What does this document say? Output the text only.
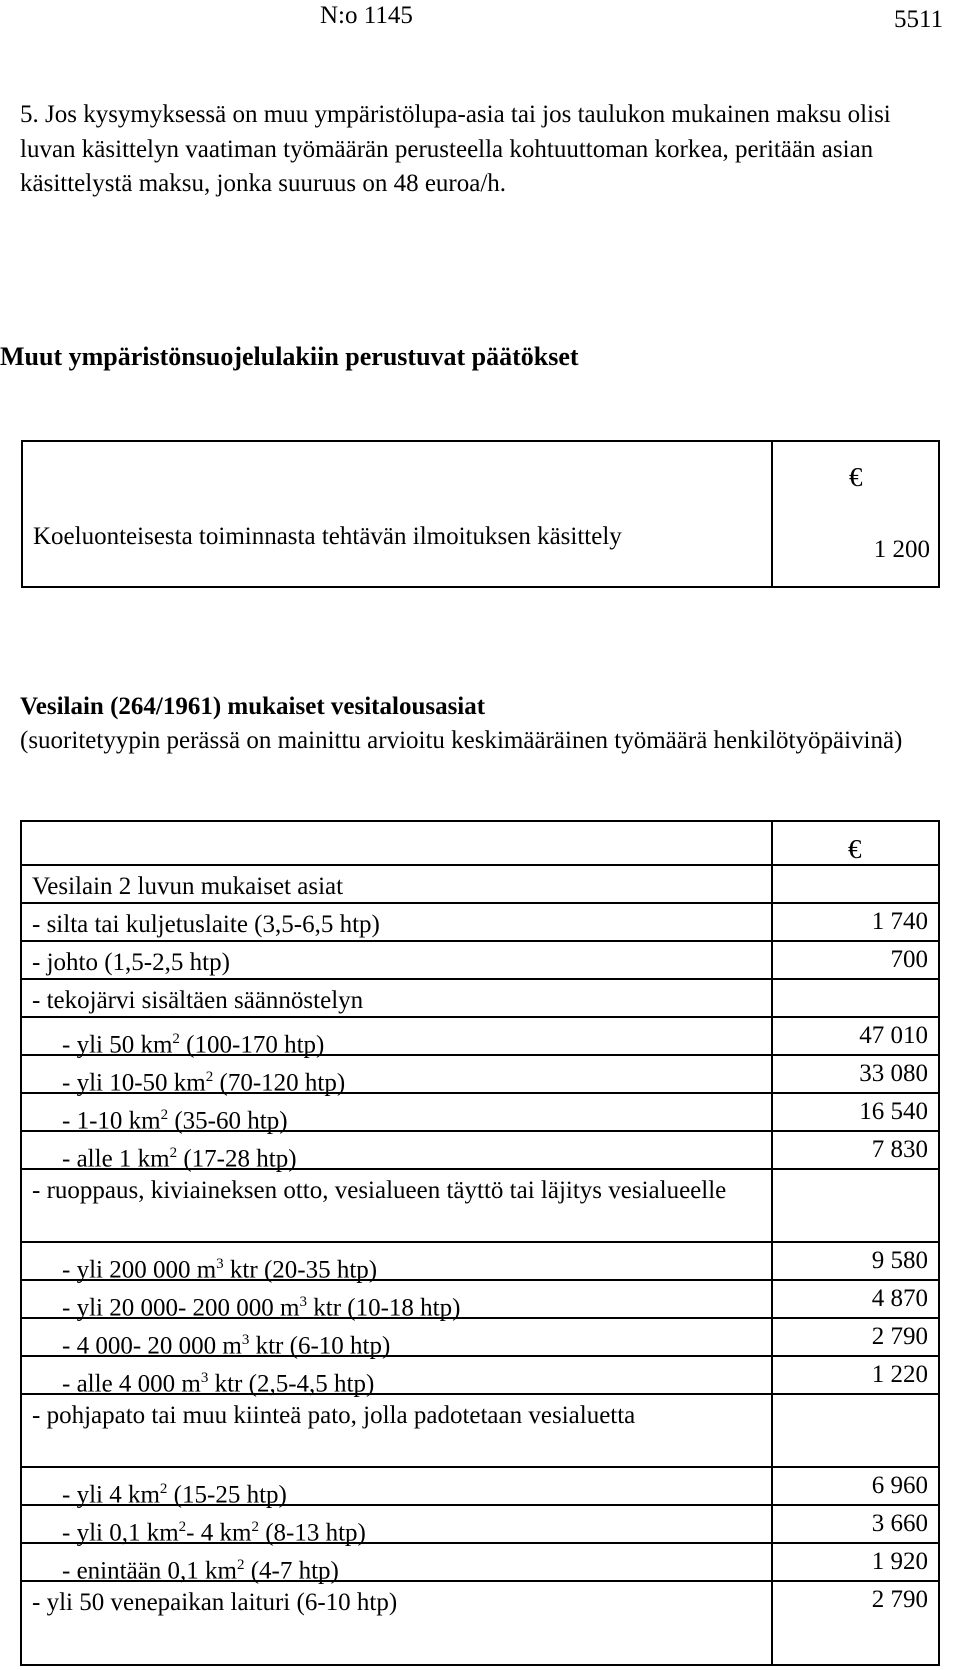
N:o 1145	5511
5. Jos kysymyksessä on muu ympäristölupa-asia tai jos taulukon mukainen maksu olisi luvan käsittelyn vaatiman työmäärän perusteella kohtuuttoman korkea, peritään asian käsittelystä maksu, jonka suuruus on 48 euroa/h.
Muut ympäristönsuojelulakiin perustuvat päätökset
€
Koeluonteisesta toiminnasta tehtävän ilmoituksen käsittely	1 200
Vesilain (264/1961) mukaiset vesitalousasiat
(suoritetyypin perässä on mainittu arvioitu keskimääräinen työmäärä henkilötyöpäivinä)
€
Vesilain 2 luvun mukaiset asiat
- silta tai kuljetuslaite (3,5-6,5 htp)	1 740
- johto (1,5-2,5 htp)	700
- tekojärvi sisältäen säännöstelyn
- yli 50 $km^2$ (100-170 htp)	47 010
- yli 10-50 $km^2$ (70-120 htp)	33 080
- 1-10 $km^2$ (35-60 htp)	16 540
- alle 1 $km^2$ (17-28 htp)	7 830
- ruoppaus, kiviaineksen otto, vesialueen täyttö tai läjitys vesialueelle
- yli 200 000 $m^3$ ktr (20-35 htp)	9 580
- yli 20 000- 200 000 $m^3$ ktr (10-18 htp)	4 870
- 4 000- 20 000 $m^3$ ktr (6-10 htp)	2 790
- alle 4 000 $m^3$ ktr (2,5-4,5 htp)	1 220
- pohjapato tai muu kiinteä pato, jolla padotetaan vesialuetta
- yli 4 $km^2$ (15-25 htp)	6 960
- yli 0,1 $km^2-$ 4 $km^2$ (8-13 htp)	3 660
- enintään 0,1 $km^2$ (4-7 htp)	1 920
- yli 50 venepaikan laituri (6-10 htp)	2 790
